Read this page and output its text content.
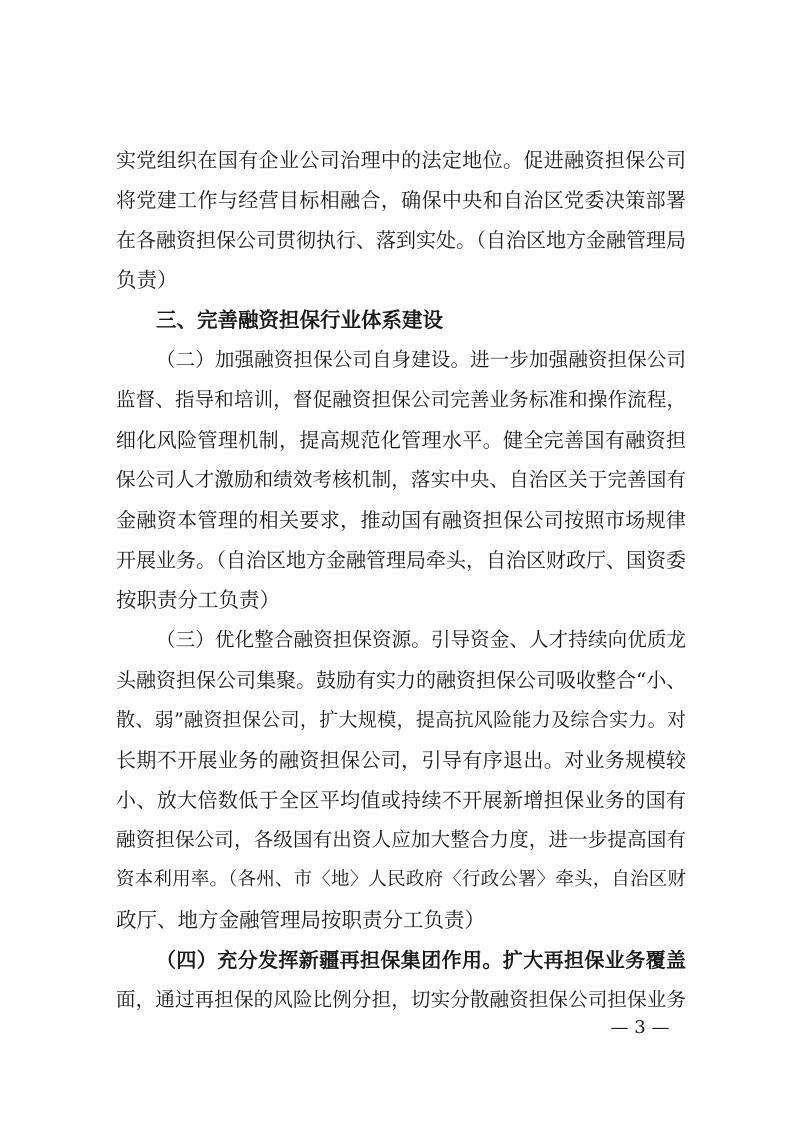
实党组织在国有企业公司治理中的法定地位。促进融资担保公司
将党建工作与经营目标相融合，确保中央和自治区党委决策部署
在各融资担保公司贯彻执行、落到实处。（自治区地方金融管理局
负责）
三、完善融资担保行业体系建设
（二）加强融资担保公司自身建设。进一步加强融资担保公司
监督、指导和培训，督促融资担保公司完善业务标准和操作流程，
细化风险管理机制，提高规范化管理水平。健全完善国有融资担
保公司人才激励和绩效考核机制，落实中央、自治区关于完善国有
金融资本管理的相关要求，推动国有融资担保公司按照市场规律
开展业务。（自治区地方金融管理局牵头，自治区财政厅、国资委
按职责分工负责）
（三）优化整合融资担保资源。引导资金、人才持续向优质龙
头融资担保公司集聚。鼓励有实力的融资担保公司吸收整合“小、
散、弱”融资担保公司，扩大规模，提高抗风险能力及综合实力。对
长期不开展业务的融资担保公司，引导有序退出。对业务规模较
小、放大倍数低于全区平均值或持续不开展新增担保业务的国有
融资担保公司，各级国有出资人应加大整合力度，进一步提高国有
资本利用率。（各州、市〈地〉人民政府〈行政公署〉牵头，自治区财
政厅、地方金融管理局按职责分工负责）
（四）充分发挥新疆再担保集团作用。扩大再担保业务覆盖
面，通过再担保的风险比例分担，切实分散融资担保公司担保业务
— 3 —
